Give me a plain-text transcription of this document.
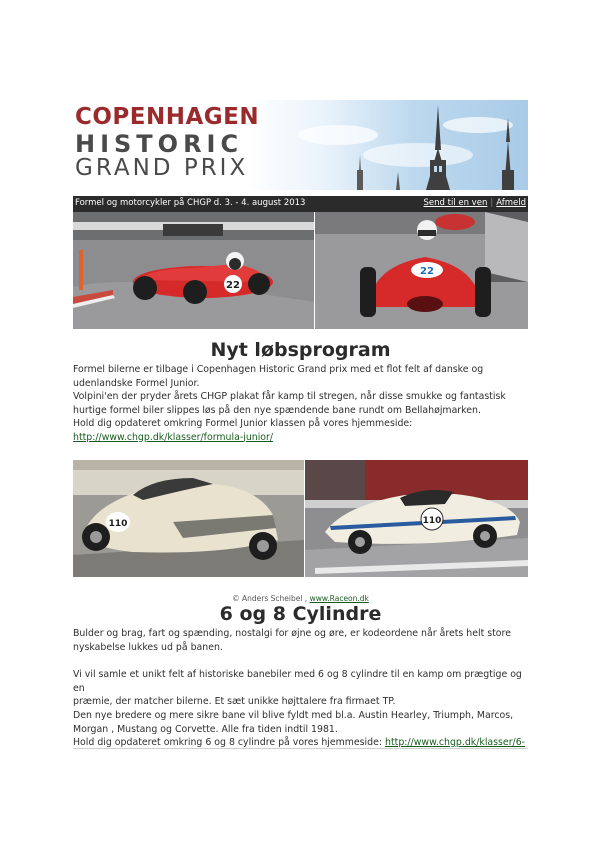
COPENHAGEN
HISTORIC
GRAND PRIX
Formel og motorcykler på CHGP d. 3. - 4. august 2013	Send til en ven | Afmeld
22
22
Nyt løbsprogram
Formel bilerne er tilbage i Copenhagen Historic Grand prix med et flot felt af danske og
udenlandske Formel Junior.
Volpini'en der pryder årets CHGP plakat får kamp til stregen, når disse smukke og fantastisk
hurtige formel biler slippes løs på den nye spændende bane rundt om Bellahøjmarken.
Hold dig opdateret omkring Formel Junior klassen på vores hjemmeside:
http://www.chgp.dk/klasser/formula-junior/
110	110
© Anders Scheibel , www.Raceon.dk
6 og 8 Cylindre
Bulder og brag, fart og spænding, nostalgi for øjne og øre, er kodeordene når årets helt store
nyskabelse lukkes ud på banen.
Vi vil samle et unikt felt af historiske banebiler med 6 og 8 cylindre til en kamp om prægtige og en
præmie, der matcher bilerne. Et sæt unikke højttalere fra firmaet TP.
Den nye bredere og mere sikre bane vil blive fyldt med bl.a. Austin Hearley, Triumph, Marcos,
Morgan , Mustang og Corvette. Alle fra tiden indtil 1981.
Hold dig opdateret omkring 6 og 8 cylindre på vores hjemmeside: http://www.chgp.dk/klasser/6-
